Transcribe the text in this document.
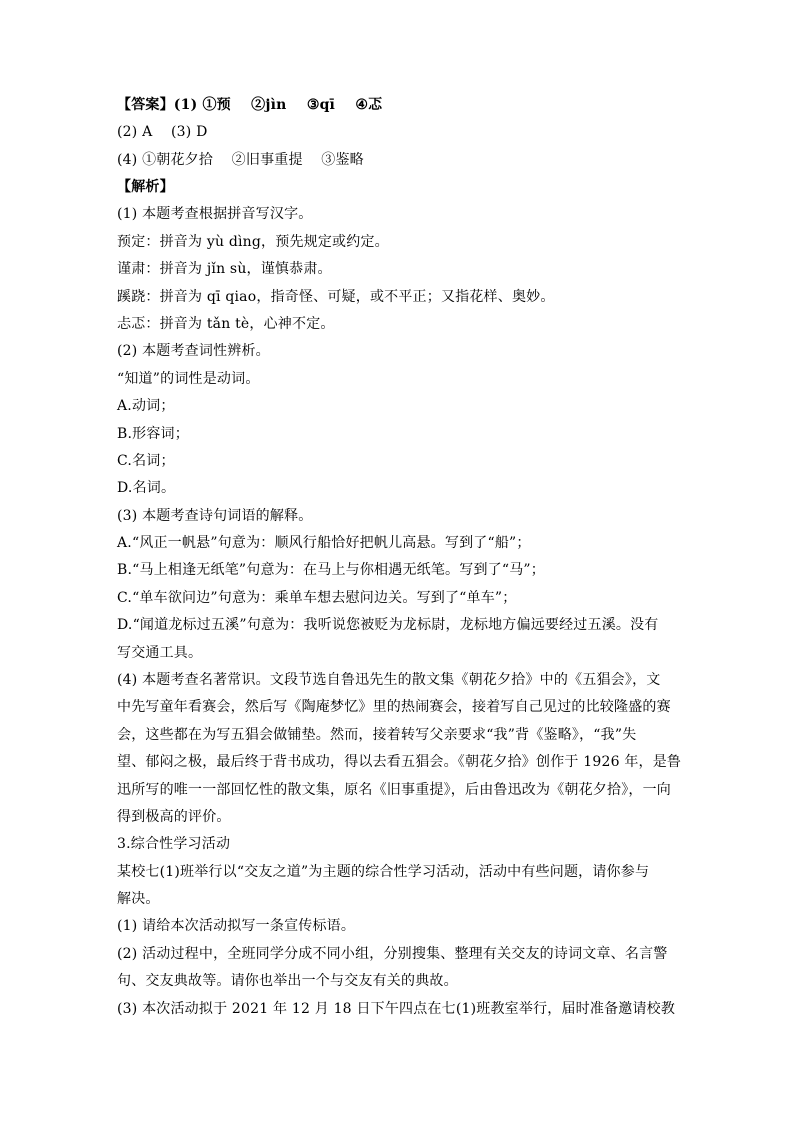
【答案】(1) ①预    ②jìn    ③qī    ④忑
(2) A    (3) D
(4) ①朝花夕拾    ②旧事重提    ③鉴略
【解析】
(1) 本题考查根据拼音写汉字。
预定：拼音为 yù dìng，预先规定或约定。
谨肃：拼音为 jǐn sù，谨慎恭肃。
蹊跷：拼音为 qī qiao，指奇怪、可疑，或不平正；又指花样、奥妙。
忐忑：拼音为 tǎn tè，心神不定。
(2) 本题考查词性辨析。
“知道”的词性是动词。
A.动词；
B.形容词；
C.名词；
D.名词。
(3) 本题考查诗句词语的解释。
A.“风正一帆悬”句意为：顺风行船恰好把帆儿高悬。写到了“船”；
B.“马上相逢无纸笔”句意为：在马上与你相遇无纸笔。写到了“马”；
C.“单车欲问边”句意为：乘单车想去慰问边关。写到了“单车”；
D.“闻道龙标过五溪”句意为：我听说您被贬为龙标尉，龙标地方偏远要经过五溪。没有
写交通工具。
(4) 本题考查名著常识。文段节选自鲁迅先生的散文集《朝花夕拾》中的《五猖会》，文
中先写童年看赛会，然后写《陶庵梦忆》里的热闹赛会，接着写自己见过的比较隆盛的赛
会，这些都在为写五猖会做铺垫。然而，接着转写父亲要求“我”背《鉴略》，“我”失
望、郁闷之极，最后终于背书成功，得以去看五猖会。《朝花夕拾》创作于 1926 年，是鲁
迅所写的唯一一部回忆性的散文集，原名《旧事重提》，后由鲁迅改为《朝花夕拾》，一向
得到极高的评价。
3.综合性学习活动
某校七(1)班举行以“交友之道”为主题的综合性学习活动，活动中有些问题，请你参与
解决。
(1) 请给本次活动拟写一条宣传标语。
(2) 活动过程中，全班同学分成不同小组，分别搜集、整理有关交友的诗词文章、名言警
句、交友典故等。请你也举出一个与交友有关的典故。
(3) 本次活动拟于 2021 年 12 月 18 日下午四点在七(1)班教室举行，届时准备邀请校教
